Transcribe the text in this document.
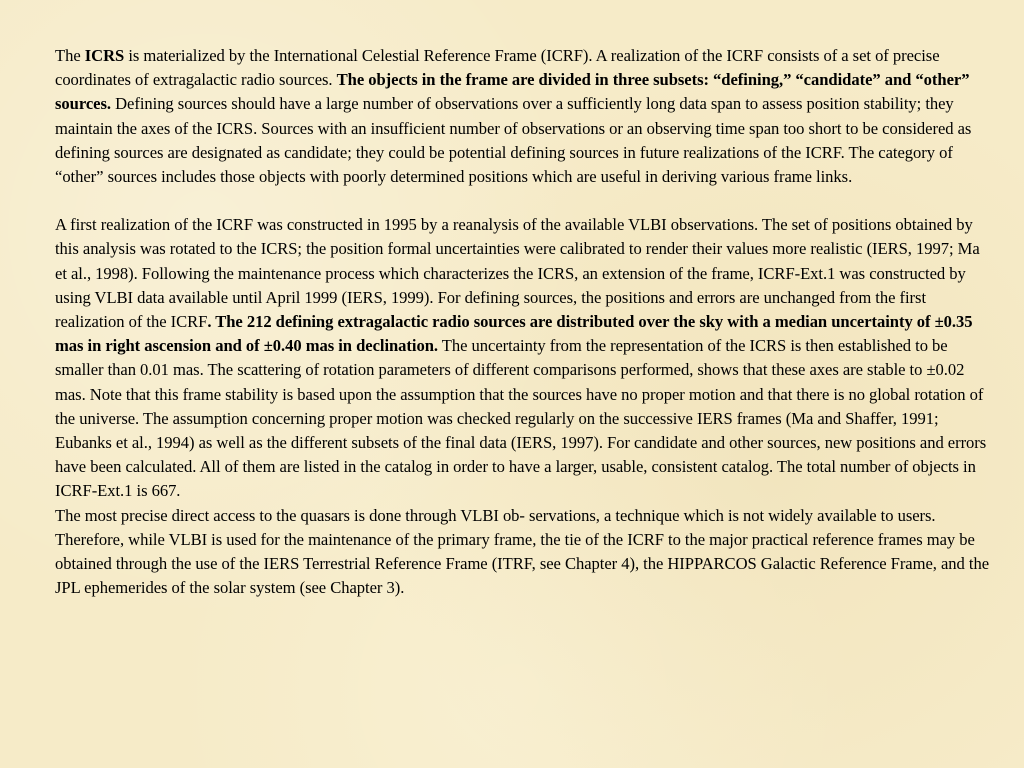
The ICRS is materialized by the International Celestial Reference Frame (ICRF). A realization of the ICRF consists of a set of precise coordinates of extragalactic radio sources. The objects in the frame are divided in three subsets: “defining,” “candidate” and “other” sources. Defining sources should have a large number of observations over a sufficiently long data span to assess position stability; they maintain the axes of the ICRS. Sources with an insufficient number of observations or an observing time span too short to be considered as defining sources are designated as candidate; they could be potential defining sources in future realizations of the ICRF. The category of “other” sources includes those objects with poorly determined positions which are useful in deriving various frame links.

A first realization of the ICRF was constructed in 1995 by a reanalysis of the available VLBI observations. The set of positions obtained by this analysis was rotated to the ICRS; the position formal uncertainties were calibrated to render their values more realistic (IERS, 1997; Ma et al., 1998). Following the maintenance process which characterizes the ICRS, an extension of the frame, ICRF-Ext.1 was constructed by using VLBI data available until April 1999 (IERS, 1999). For defining sources, the positions and errors are unchanged from the first realization of the ICRF. The 212 defining extragalactic radio sources are distributed over the sky with a median uncertainty of ±0.35 mas in right ascension and of ±0.40 mas in declination. The uncertainty from the representation of the ICRS is then established to be smaller than 0.01 mas. The scattering of rotation parameters of different comparisons performed, shows that these axes are stable to ±0.02 mas. Note that this frame stability is based upon the assumption that the sources have no proper motion and that there is no global rotation of the universe. The assumption concerning proper motion was checked regularly on the successive IERS frames (Ma and Shaffer, 1991; Eubanks et al., 1994) as well as the different subsets of the final data (IERS, 1997). For candidate and other sources, new positions and errors have been calculated. All of them are listed in the catalog in order to have a larger, usable, consistent catalog. The total number of objects in ICRF-Ext.1 is 667.

The most precise direct access to the quasars is done through VLBI ob- servations, a technique which is not widely available to users. Therefore, while VLBI is used for the maintenance of the primary frame, the tie of the ICRF to the major practical reference frames may be obtained through the use of the IERS Terrestrial Reference Frame (ITRF, see Chapter 4), the HIPPARCOS Galactic Reference Frame, and the JPL ephemerides of the solar system (see Chapter 3).
